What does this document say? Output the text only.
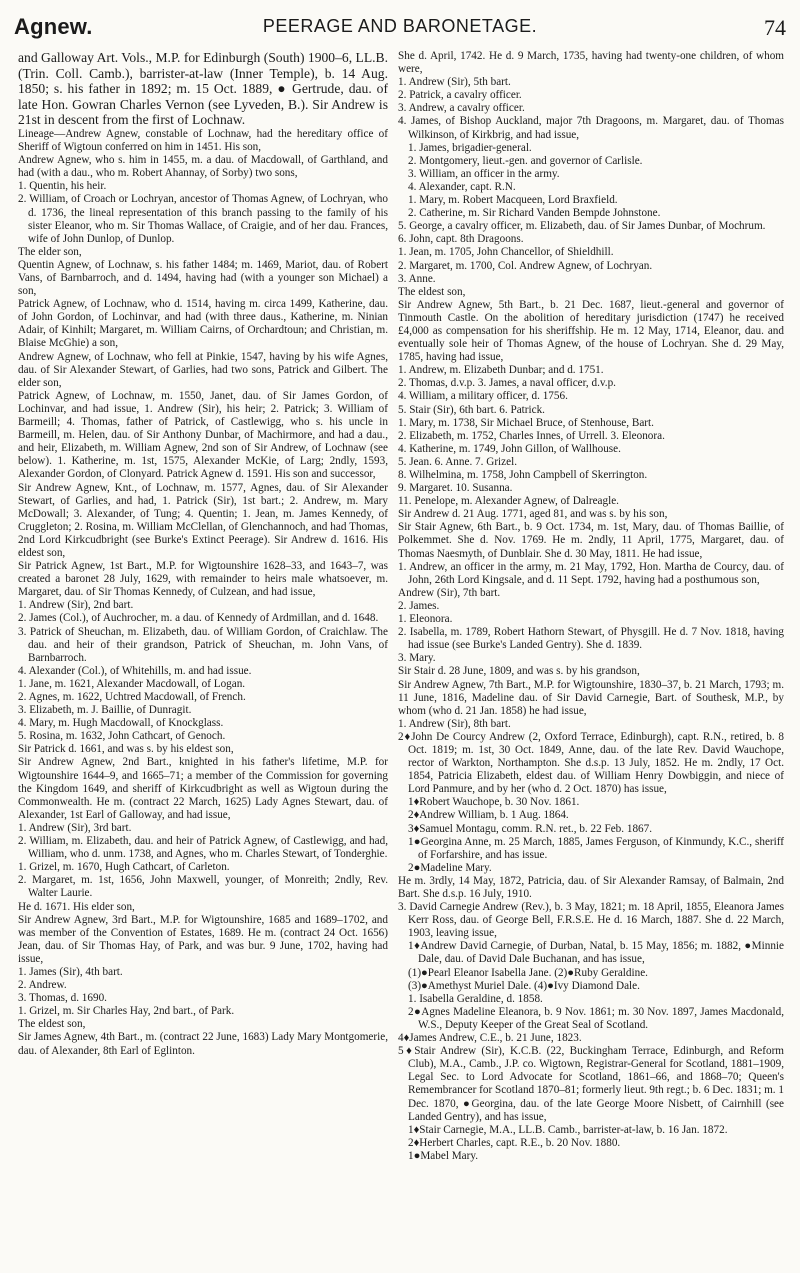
Agnew.	PEERAGE AND BARONETAGE.	74

and Galloway Art. Vols., M.P. for Edinburgh (South) 1900–6, LL.B. (Trin. Coll. Camb.), barrister-at-law (Inner Temple), b. 14 Aug. 1850; s. his father in 1892; m. 15 Oct. 1889, ● Gertrude, dau. of late Hon. Gowran Charles Vernon (see Lyveden, B.). Sir Andrew is 21st in descent from the first of Lochnaw.

Lineage—Andrew Agnew, constable of Lochnaw, had the hereditary office of Sheriff of Wigtoun conferred on him in 1451. His son,

Andrew Agnew, who s. him in 1455, m. a dau. of Macdowall, of Garthland, and had (with a dau., who m. Robert Ahannay, of Sorby) two sons,

1. Quentin, his heir.

2. William, of Croach or Lochryan, ancestor of Thomas Agnew, of Lochryan, who d. 1736, the lineal representation of this branch passing to the family of his sister Eleanor, who m. Sir Thomas Wallace, of Craigie, and of her dau. Frances, wife of John Dunlop, of Dunlop.

The elder son,

Quentin Agnew, of Lochnaw, s. his father 1484; m. 1469, Mariot, dau. of Robert Vans, of Barnbarroch, and d. 1494, having had (with a younger son Michael) a son,

Patrick Agnew, of Lochnaw, who d. 1514, having m. circa 1499, Katherine, dau. of John Gordon, of Lochinvar, and had (with three daus., Katherine, m. Ninian Adair, of Kinhilt; Margaret, m. William Cairns, of Orchardtoun; and Christian, m. Blaise McGhie) a son,

Andrew Agnew, of Lochnaw, who fell at Pinkie, 1547, having by his wife Agnes, dau. of Sir Alexander Stewart, of Garlies, had two sons, Patrick and Gilbert. The elder son,

Patrick Agnew, of Lochnaw, m. 1550, Janet, dau. of Sir James Gordon, of Lochinvar, and had issue, 1. Andrew (Sir), his heir; 2. Patrick; 3. William of Barmeill; 4. Thomas, father of Patrick, of Castlewigg, who s. his uncle in Barmeill, m. Helen, dau. of Sir Anthony Dunbar, of Machirmore, and had a dau., and heir, Elizabeth, m. William Agnew, 2nd son of Sir Andrew, of Lochnaw (see below). 1. Katherine, m. 1st, 1575, Alexander McKie, of Larg; 2ndly, 1593, Alexander Gordon, of Clonyard. Patrick Agnew d. 1591. His son and successor,

Sir Andrew Agnew, Knt., of Lochnaw, m. 1577, Agnes, dau. of Sir Alexander Stewart, of Garlies, and had, 1. Patrick (Sir), 1st bart.; 2. Andrew, m. Mary McDowall; 3. Alexander, of Tung; 4. Quentin; 1. Jean, m. James Kennedy, of Cruggleton; 2. Rosina, m. William McClellan, of Glenchannoch, and had Thomas, 2nd Lord Kirkcudbright (see Burke's Extinct Peerage). Sir Andrew d. 1616. His eldest son,

Sir Patrick Agnew, 1st Bart., M.P. for Wigtounshire 1628–33, and 1643–7, was created a baronet 28 July, 1629, with remainder to heirs male whatsoever, m. Margaret, dau. of Sir Thomas Kennedy, of Culzean, and had issue,

1. Andrew (Sir), 2nd bart.

2. James (Col.), of Auchrocher, m. a dau. of Kennedy of Ardmillan, and d. 1648.

3. Patrick of Sheuchan, m. Elizabeth, dau. of William Gordon, of Craichlaw. The dau. and heir of their grandson, Patrick of Sheuchan, m. John Vans, of Barnbarroch.

4. Alexander (Col.), of Whitehills, m. and had issue.

1. Jane, m. 1621, Alexander Macdowall, of Logan.

2. Agnes, m. 1622, Uchtred Macdowall, of French.

3. Elizabeth, m. J. Baillie, of Dunragit.

4. Mary, m. Hugh Macdowall, of Knockglass.

5. Rosina, m. 1632, John Cathcart, of Genoch.

Sir Patrick d. 1661, and was s. by his eldest son,

Sir Andrew Agnew, 2nd Bart., knighted in his father's lifetime, M.P. for Wigtounshire 1644–9, and 1665–71; a member of the Commission for governing the Kingdom 1649, and sheriff of Kirkcudbright as well as Wigtoun during the Commonwealth. He m. (contract 22 March, 1625) Lady Agnes Stewart, dau. of Alexander, 1st Earl of Galloway, and had issue,

1. Andrew (Sir), 3rd bart.

2. William, m. Elizabeth, dau. and heir of Patrick Agnew, of Castlewigg, and had, William, who d. unm. 1738, and Agnes, who m. Charles Stewart, of Tonderghie.

1. Grizel, m. 1670, Hugh Cathcart, of Carleton.

2. Margaret, m. 1st, 1656, John Maxwell, younger, of Monreith; 2ndly, Rev. Walter Laurie.

He d. 1671. His elder son,

Sir Andrew Agnew, 3rd Bart., M.P. for Wigtounshire, 1685 and 1689–1702, and was member of the Convention of Estates, 1689. He m. (contract 24 Oct. 1656) Jean, dau. of Sir Thomas Hay, of Park, and was bur. 9 June, 1702, having had issue,

1. James (Sir), 4th bart.

2. Andrew.

3. Thomas, d. 1690.

1. Grizel, m. Sir Charles Hay, 2nd bart., of Park.

The eldest son,

Sir James Agnew, 4th Bart., m. (contract 22 June, 1683) Lady Mary Montgomerie, dau. of Alexander, 8th Earl of Eglinton.

She d. April, 1742. He d. 9 March, 1735, having had twenty-one children, of whom were,

1. Andrew (Sir), 5th bart.

2. Patrick, a cavalry officer.

3. Andrew, a cavalry officer.

4. James, of Bishop Auckland, major 7th Dragoons, m. Margaret, dau. of Thomas Wilkinson, of Kirkbrig, and had issue,

1. James, brigadier-general.

2. Montgomery, lieut.-gen. and governor of Carlisle.

3. William, an officer in the army.

4. Alexander, capt. R.N.

1. Mary, m. Robert Macqueen, Lord Braxfield.

2. Catherine, m. Sir Richard Vanden Bempde Johnstone.

5. George, a cavalry officer, m. Elizabeth, dau. of Sir James Dunbar, of Mochrum.

6. John, capt. 8th Dragoons.

1. Jean, m. 1705, John Chancellor, of Shieldhill.

2. Margaret, m. 1700, Col. Andrew Agnew, of Lochryan.

3. Anne.

The eldest son,

Sir Andrew Agnew, 5th Bart., b. 21 Dec. 1687, lieut.-general and governor of Tinmouth Castle. On the abolition of hereditary jurisdiction (1747) he received £4,000 as compensation for his sheriffship. He m. 12 May, 1714, Eleanor, dau. and eventually sole heir of Thomas Agnew, of the house of Lochryan. She d. 29 May, 1785, having had issue,

1. Andrew, m. Elizabeth Dunbar; and d. 1751.

2. Thomas, d.v.p. 3. James, a naval officer, d.v.p.

4. William, a military officer, d. 1756.

5. Stair (Sir), 6th bart. 6. Patrick.

1. Mary, m. 1738, Sir Michael Bruce, of Stenhouse, Bart.

2. Elizabeth, m. 1752, Charles Innes, of Urrell. 3. Eleonora.

4. Katherine, m. 1749, John Gillon, of Wallhouse.

5. Jean. 6. Anne. 7. Grizel.

8. Wilhelmina, m. 1758, John Campbell of Skerrington.

9. Margaret. 10. Susanna.

11. Penelope, m. Alexander Agnew, of Dalreagle.

Sir Andrew d. 21 Aug. 1771, aged 81, and was s. by his son,

Sir Stair Agnew, 6th Bart., b. 9 Oct. 1734, m. 1st, Mary, dau. of Thomas Baillie, of Polkemmet. She d. Nov. 1769. He m. 2ndly, 11 April, 1775, Margaret, dau. of Thomas Naesmyth, of Dunblair. She d. 30 May, 1811. He had issue,

1. Andrew, an officer in the army, m. 21 May, 1792, Hon. Martha de Courcy, dau. of John, 26th Lord Kingsale, and d. 11 Sept. 1792, having had a posthumous son,

Andrew (Sir), 7th bart.

2. James.

1. Eleonora.

2. Isabella, m. 1789, Robert Hathorn Stewart, of Physgill. He d. 7 Nov. 1818, having had issue (see Burke's Landed Gentry). She d. 1839.

3. Mary.

Sir Stair d. 28 June, 1809, and was s. by his grandson,

Sir Andrew Agnew, 7th Bart., M.P. for Wigtounshire, 1830–37, b. 21 March, 1793; m. 11 June, 1816, Madeline dau. of Sir David Carnegie, Bart. of Southesk, M.P., by whom (who d. 21 Jan. 1858) he had issue,

1. Andrew (Sir), 8th bart.

2♦John De Courcy Andrew (2, Oxford Terrace, Edinburgh), capt. R.N., retired, b. 8 Oct. 1819; m. 1st, 30 Oct. 1849, Anne, dau. of the late Rev. David Wauchope, rector of Warkton, Northampton. She d.s.p. 13 July, 1852. He m. 2ndly, 17 Oct. 1854, Patricia Elizabeth, eldest dau. of William Henry Dowbiggin, and niece of Lord Panmure, and by her (who d. 2 Oct. 1870) has issue,

1♦Robert Wauchope, b. 30 Nov. 1861.

2♦Andrew William, b. 1 Aug. 1864.

3♦Samuel Montagu, comm. R.N. ret., b. 22 Feb. 1867.

1●Georgina Anne, m. 25 March, 1885, James Ferguson, of Kinmundy, K.C., sheriff of Forfarshire, and has issue.

2●Madeline Mary.

He m. 3rdly, 14 May, 1872, Patricia, dau. of Sir Alexander Ramsay, of Balmain, 2nd Bart. She d.s.p. 16 July, 1910.

3. David Carnegie Andrew (Rev.), b. 3 May, 1821; m. 18 April, 1855, Eleanora James Kerr Ross, dau. of George Bell, F.R.S.E. He d. 16 March, 1887. She d. 22 March, 1903, leaving issue,

1♦Andrew David Carnegie, of Durban, Natal, b. 15 May, 1856; m. 1882, ●Minnie Dale, dau. of David Dale Buchanan, and has issue,

(1)●Pearl Eleanor Isabella Jane. (2)●Ruby Geraldine.

(3)●Amethyst Muriel Dale. (4)●Ivy Diamond Dale.

1. Isabella Geraldine, d. 1858.

2●Agnes Madeline Eleanora, b. 9 Nov. 1861; m. 30 Nov. 1897, James Macdonald, W.S., Deputy Keeper of the Great Seal of Scotland.

4♦James Andrew, C.E., b. 21 June, 1823.

5♦Stair Andrew (Sir), K.C.B. (22, Buckingham Terrace, Edinburgh, and Reform Club), M.A., Camb., J.P. co. Wigtown, Registrar-General for Scotland, 1881–1909, Legal Sec. to Lord Advocate for Scotland, 1861–66, and 1868–70; Queen's Remembrancer for Scotland 1870–81; formerly lieut. 9th regt.; b. 6 Dec. 1831; m. 1 Dec. 1870, ●Georgina, dau. of the late George Moore Nisbett, of Cairnhill (see Landed Gentry), and has issue,

1♦Stair Carnegie, M.A., LL.B. Camb., barrister-at-law, b. 16 Jan. 1872.

2♦Herbert Charles, capt. R.E., b. 20 Nov. 1880.

1●Mabel Mary.
